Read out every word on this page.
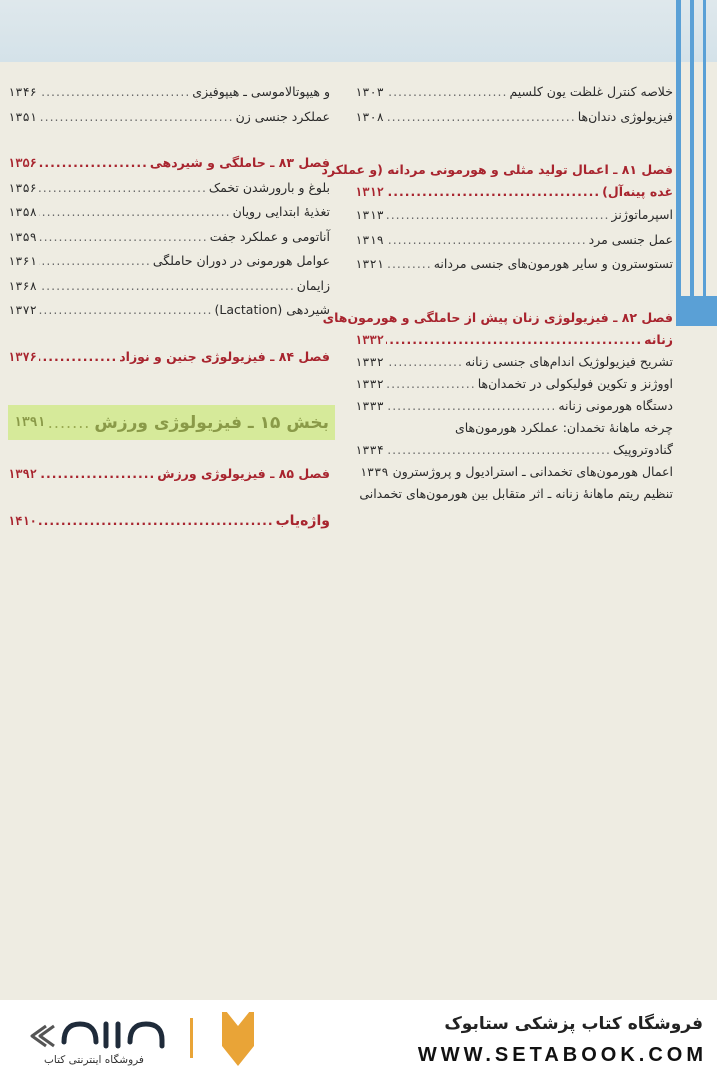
خلاصه کنترل غلظت یون کلسیم
.....
۱۳۰۳
فیزیولوژی دندان‌ها
.....
۱۳۰۸
فصل ۸۱ ـ اعمال تولید مثلی و هورمونی مردانه (و عملکرد
غده پینه‌آل)
.....
۱۳۱۲
اسپرماتوژنز
.....
۱۳۱۳
عمل جنسی مرد
.....
۱۳۱۹
تستوسترون و سایر هورمون‌های جنسی مردانه
.....
۱۳۲۱
فصل ۸۲ ـ فیزیولوژی زنان پیش از حاملگی و هورمون‌های
زنانه
.....
۱۳۳۲
تشریح فیزیولوژیک اندام‌های جنسی زنانه
.....
۱۳۳۲
اووژنز و تکوین فولیکولی در تخمدان‌ها
.....
۱۳۳۲
دستگاه هورمونی زنانه
.....
۱۳۳۳
چرخه ماهانهٔ تخمدان: عملکرد هورمون‌های
گنادوتروپیک
.....
۱۳۳۴
اعمال هورمون‌های تخمدانی ـ استرادیول و پروژسترون
۱۳۳۹
تنظیم ریتم ماهانهٔ زنانه ـ اثر متقابل بین هورمون‌های تخمدانی
و هیپوتالاموسی ـ هیپوفیزی
.....
۱۳۴۶
عملکرد جنسی زن
.....
۱۳۵۱
فصل ۸۳ ـ حاملگی و شیردهی
.....
۱۳۵۶
بلوغ و بارورشدن تخمک
.....
۱۳۵۶
تغذیهٔ ابتدایی رویان
.....
۱۳۵۸
آناتومی و عملکرد جفت
.....
۱۳۵۹
عوامل هورمونی در دوران حاملگی
.....
۱۳۶۱
زایمان
.....
۱۳۶۸
شیردهی (Lactation)
.....
۱۳۷۲
فصل ۸۴ ـ فیزیولوژی جنین و نوزاد
.....
۱۳۷۶
بخش ۱۵ ـ فیزیولوژی ورزش
.....
۱۳۹۱
فصل ۸۵ ـ فیزیولوژی ورزش
.....
۱۳۹۲
واژه‌یاب
.....
۱۴۱۰
فروشگاه اینترنتی کتاب
فروشگاه کتاب پزشکی ستابوک
WWW.SETABOOK.COM
